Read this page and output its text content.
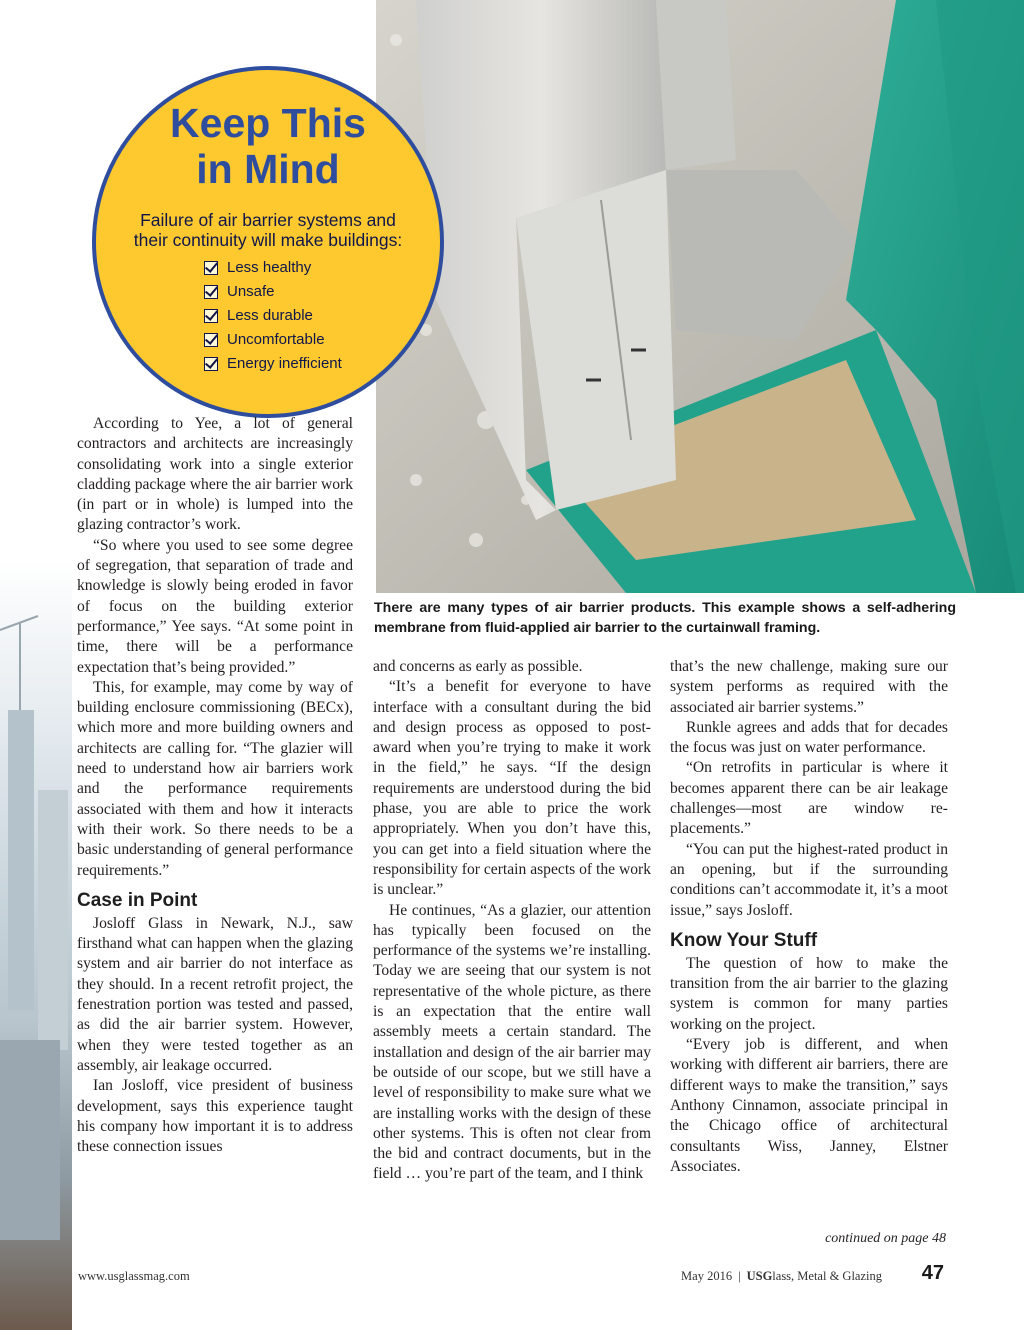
Keep This
in Mind
Failure of air barrier systems and
their continuity will make buildings:
Less healthy
Unsafe
Less durable
Uncomfortable
Energy inefficient
There are many types of air barrier products. This example shows a self-adhering membrane from fluid-applied air barrier to the curtainwall framing.

According to Yee, a lot of general contractors and architects are increasingly consolidating work into a single exterior cladding package where the air barrier work (in part or in whole) is lumped into the glazing contractor’s work.

“So where you used to see some degree of segregation, that separation of trade and knowledge is slowly being eroded in favor of focus on the building exterior performance,” Yee says. “At some point in time, there will be a performance expectation that’s being provided.”

This, for example, may come by way of building enclosure commissioning (BECx), which more and more building owners and architects are calling for. “The glazier will need to understand how air barriers work and the performance requirements associated with them and how it interacts with their work. So there needs to be a basic understanding of general performance requirements.”

Case in Point

Josloff Glass in Newark, N.J., saw firsthand what can happen when the glazing system and air barrier do not interface as they should. In a recent retrofit project, the fenestration portion was tested and passed, as did the air barrier system. However, when they were tested together as an assembly, air leakage occurred.

Ian Josloff, vice president of business development, says this experience taught his company how important it is to address these connection issues

and concerns as early as possible.

“It’s a benefit for everyone to have interface with a consultant during the bid and design process as opposed to post-award when you’re trying to make it work in the field,” he says. “If the design requirements are understood during the bid phase, you are able to price the work appropriately. When you don’t have this, you can get into a field situation where the responsibility for certain aspects of the work is unclear.”

He continues, “As a glazier, our attention has typically been focused on the performance of the systems we’re installing. Today we are seeing that our system is not representative of the whole picture, as there is an expectation that the entire wall assembly meets a certain standard. The installation and design of the air barrier may be outside of our scope, but we still have a level of responsibility to make sure what we are installing works with the design of these other systems. This is often not clear from the bid and contract documents, but in the field … you’re part of the team, and I think

that’s the new challenge, making sure our system performs as required with the associated air barrier systems.”

Runkle agrees and adds that for decades the focus was just on water performance.

“On retrofits in particular is where it becomes apparent there can be air leakage challenges—most are window replacements.”

“You can put the highest-rated product in an opening, but if the surrounding conditions can’t accommodate it, it’s a moot issue,” says Josloff.

Know Your Stuff

The question of how to make the transition from the air barrier to the glazing system is common for many parties working on the project.

“Every job is different, and when working with different air barriers, there are different ways to make the transition,” says Anthony Cinnamon, associate principal in the Chicago office of architectural consultants Wiss, Janney, Elstner Associates.

continued on page 48
www.usglassmag.com	May 2016 | USGlass, Metal & Glazing 47
